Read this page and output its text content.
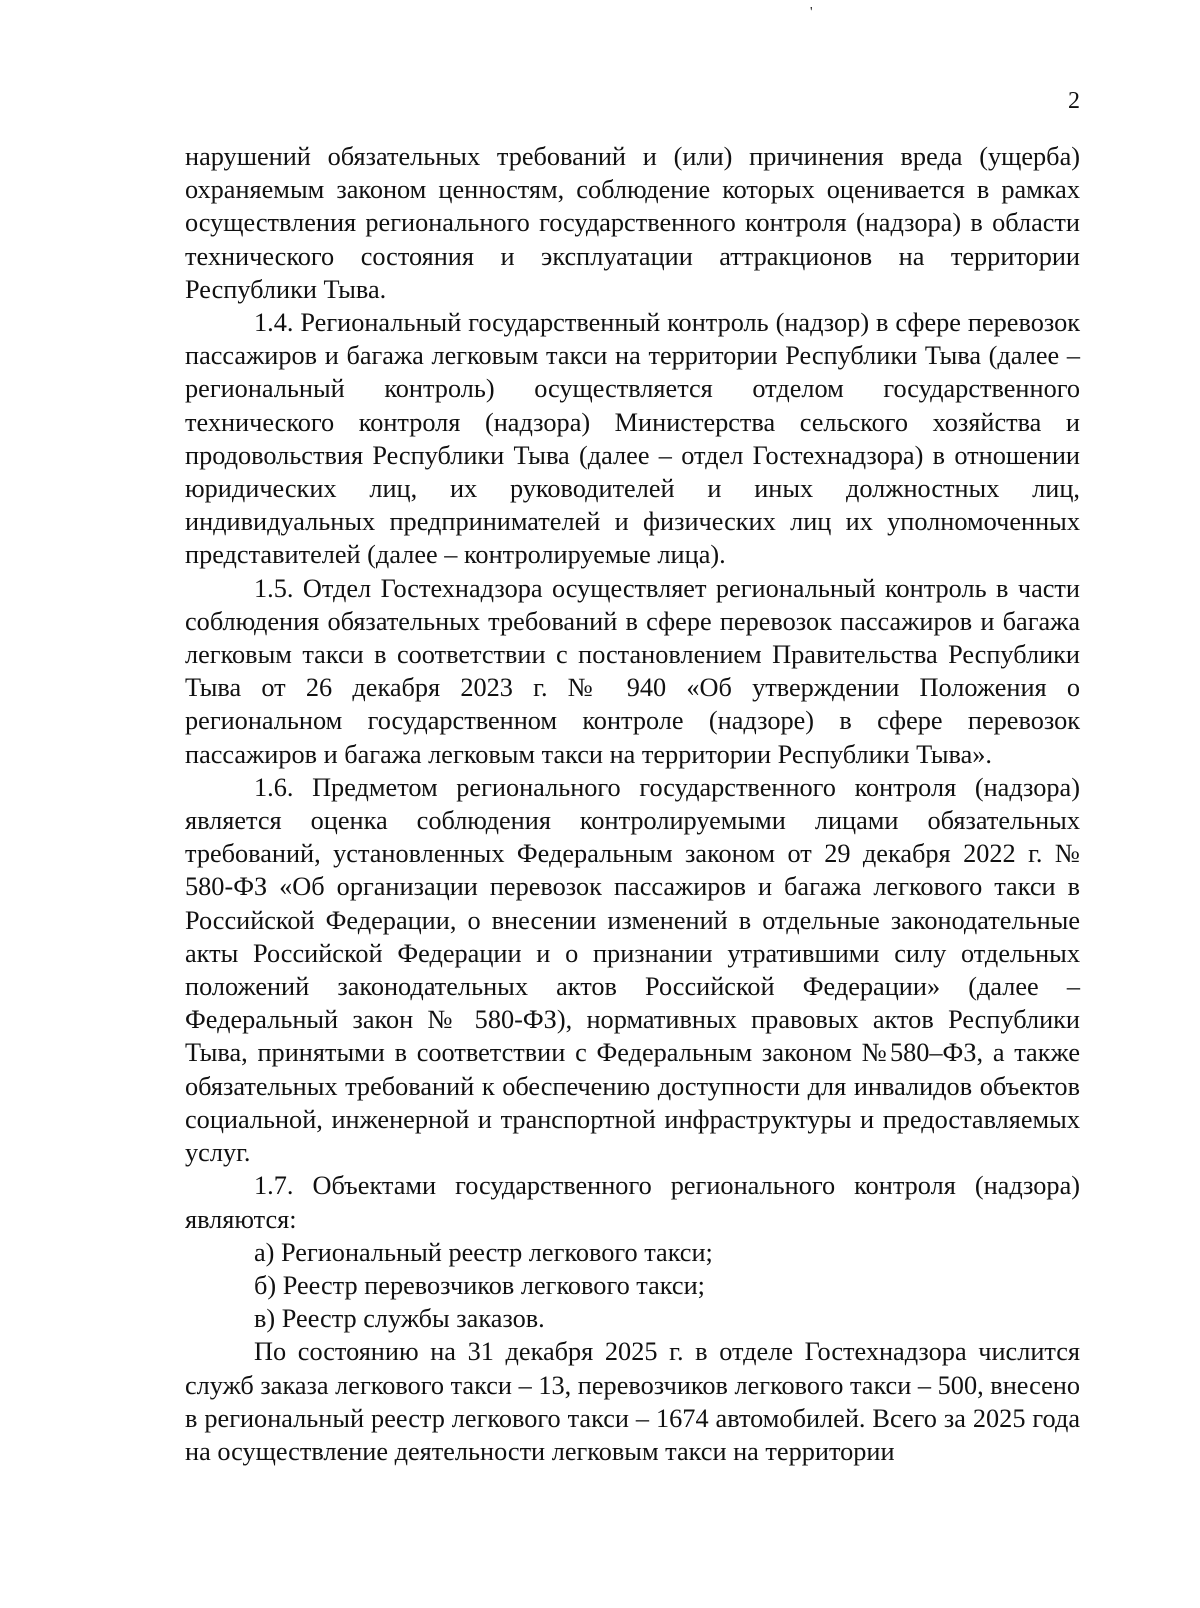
'
2

нарушений обязательных требований и (или) причинения вреда (ущерба) охраняемым законом ценностям, соблюдение которых оценивается в рамках осуществления регионального государственного контроля (надзора) в области технического состояния и эксплуатации аттракционов на территории Республики Тыва.

1.4. Региональный государственный контроль (надзор) в сфере перевозок пассажиров и багажа легковым такси на территории Республики Тыва (далее – региональный контроль) осуществляется отделом государственного технического контроля (надзора) Министерства сельского хозяйства и продовольствия Республики Тыва (далее – отдел Гостехнадзора) в отношении юридических лиц, их руководителей и иных должностных лиц, индивидуальных предпринимателей и физических лиц их уполномоченных представителей (далее – контролируемые лица).

1.5. Отдел Гостехнадзора осуществляет региональный контроль в части соблюдения обязательных требований в сфере перевозок пассажиров и багажа легковым такси в соответствии с постановлением Правительства Республики Тыва от 26 декабря 2023 г. № 940 «Об утверждении Положения о региональном государственном контроле (надзоре) в сфере перевозок пассажиров и багажа легковым такси на территории Республики Тыва».

1.6. Предметом регионального государственного контроля (надзора) является оценка соблюдения контролируемыми лицами обязательных требований, установленных Федеральным законом от 29 декабря 2022 г. № 580-ФЗ «Об организации перевозок пассажиров и багажа легкового такси в Российской Федерации, о внесении изменений в отдельные законодательные акты Российской Федерации и о признании утратившими силу отдельных положений законодательных актов Российской Федерации» (далее – Федеральный закон № 580-ФЗ), нормативных правовых актов Республики Тыва, принятыми в соответствии с Федеральным законом №580–ФЗ, а также обязательных требований к обеспечению доступности для инвалидов объектов социальной, инженерной и транспортной инфраструктуры и предоставляемых услуг.

1.7. Объектами государственного регионального контроля (надзора) являются:

а) Региональный реестр легкового такси;

б) Реестр перевозчиков легкового такси;

в) Реестр службы заказов.

По состоянию на 31 декабря 2025 г. в отделе Гостехнадзора числится служб заказа легкового такси – 13, перевозчиков легкового такси – 500, внесено в региональный реестр легкового такси – 1674 автомобилей. Всего за 2025 года на осуществление деятельности легковым такси на территории
